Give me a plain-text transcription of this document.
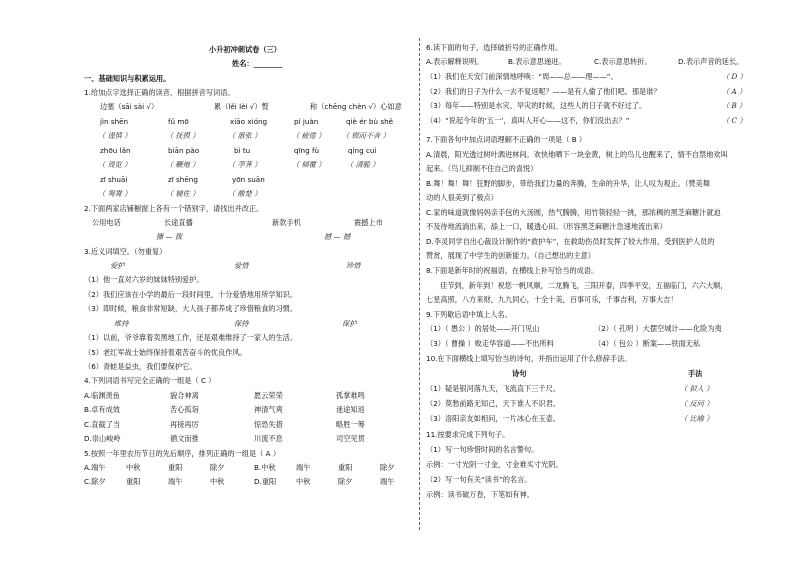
小升初冲刺试卷（三）
姓名：________
一、基础知识与积累运用。
1.给加点字选择正确的读音，根据拼音写词语。
边塞（sāi sài √）	累（lěi lèi √）赘	称（chēng chèn √）心如意
jìn shēn	fǔ mō	xiāo xióng	pí juàn	qiè ér bù shě
（ 谨慎 ）	（ 抚摸 ）	（ 嚣张 ）	（ 疲倦 ） （ 锲而不舍 ）
zhōu lǎn	biān pào	bì tu	qīng fù	qíng cuì
（ 周览 ）	（ 鞭炮 ）	（ 荸荠 ）	（ 倾覆 ）	（ 清脆 ）
zī shuāi	zī shēng	yōn suān
（ 鸳鸯 ）	（ 辅佐 ）	（ 酸楚 ）
2.下面两家店铺橱窗上各有一个错别字，请找出并改正。
公用电话	长途直播	新款手机	震撼上市
播 — 拨	撼 — 撼
3.近义词填空。（勿重复）
爱护	爱惜	珍惜
（1）他一直对六岁的妹妹特别爱护。
（2）我们应该在小学的最后一段时间里，十分爱惜地用所学知识。
（3）即时候，粮食非常短缺，大人孩子都养成了珍惜粮食的习惯。
维持	保持	保护
（1）以前，爷爷靠着卖黑地工作，还是艰难维持了一家人的生活。
（5）老红军战士始终保持着艰苦奋斗的优良作风。
（6）青蛙是益虫，我们要保护它。
4.下列词语书写完全正确的一组是（ C ）
A.临渊羡鱼	貌合神离	愿云荣荣	孤掌难鸣
B.卓有成效	苦心孤诣	神清气爽	迷途知返
C.直截了当	再接再厉	惊恐失措	略胜一筹
D.崇山峻岭	循文而推	川流不息	司空见贯
5.按照一年里农历节日的先后顺序，排列正确的一组是（ A ）
A.端午	中秋	重阳	除夕	B.中秋	端午	重阳	除夕
C.除夕	重阳	端午	中秋	D.重阳	中秋	除夕	端午
6.读下面的句子，选择破折号的正确作用。
A.表示解释说明。	B.表示意思递进。	C.表示意思转折。	D.表示声音的延长。
（1）我们在天安门前深情地呼唤：“周——总——理——”。	（ D ）
（2）我们的日子为什么一去不复返呢？——是有人偷了他们吧。那是谁？	（ A ）
（3）每年——特别是水灾、旱灾的时候，这些人的日子就不好过了。	（ B ）
（4）“说起今年的‘五一’，真叫人开心——这不，你们没出去？”	（ C ）
7.下面各句中加点词语理解不正确的一项是（ B ）
A.清晨，阳光透过树叶洒进林间。欢快地晒下一块金黄，树上的鸟儿也醒来了，情不自禁地欢叫
起来。（鸟儿抑制不住自己的喜悦）
B.舞！舞！舞！狂野的脚步，带给我们力量的奔腾，生命的升华，让人叹为观止。（赞美舞
动的人很美到了极点）
C.家的味道就像妈妈亲手包的大汤圆，热气腾腾，用竹筷轻轻一挑，那浓稠的黑芝麻糖汁就迫
不及待地流淌出来，舔上一口，暖透心田。（形容黑芝麻糖汁急速地流出来）
D.李灵同学自出心裁设计制作的“救护车”，在救助伤员时发挥了较大作用，受到医护人员的
赞赏，展现了中学生的创新能力。（自己想出的主意）
8.下面是新年时的祝福语，在横线上补写恰当的成语。
佳节到，新年到！祝您一帆风顺，二龙腾飞，三阳开泰，四季平安，五福临门，六六大顺，
七星高照，八方来财，九九同心，十全十美，百事可乐，千事吉利，万事大吉！
9.下列歇后语中填上人名。
（1）（ 愚公 ）的居处——开门见山	（2）（ 孔明 ）大摆空城计——化险为夷
（3）（ 曹操 ）败走华容道——不出所料	（4）（ 包公 ）断案——铁面无私
10.在下面横线上填写恰当的诗句，并指出运用了什么修辞手法。
诗句	手法
（1）疑是银河落九天，飞流直下三千尺。	（ 拟人 ）
（2）莫愁前路无知己，天下谁人不识君。	（ 反问 ）
（3）洛阳亲友如相问，一片冰心在玉壶。	（ 比喻 ）
11.按要求完成下列句子。
（1）写一句珍惜时间的名言警句。
示例：一寸光阴一寸金，寸金难买寸光阴。
（2）写一句有关“读书”的名言。
示例：读书破万卷，下笔如有神。
